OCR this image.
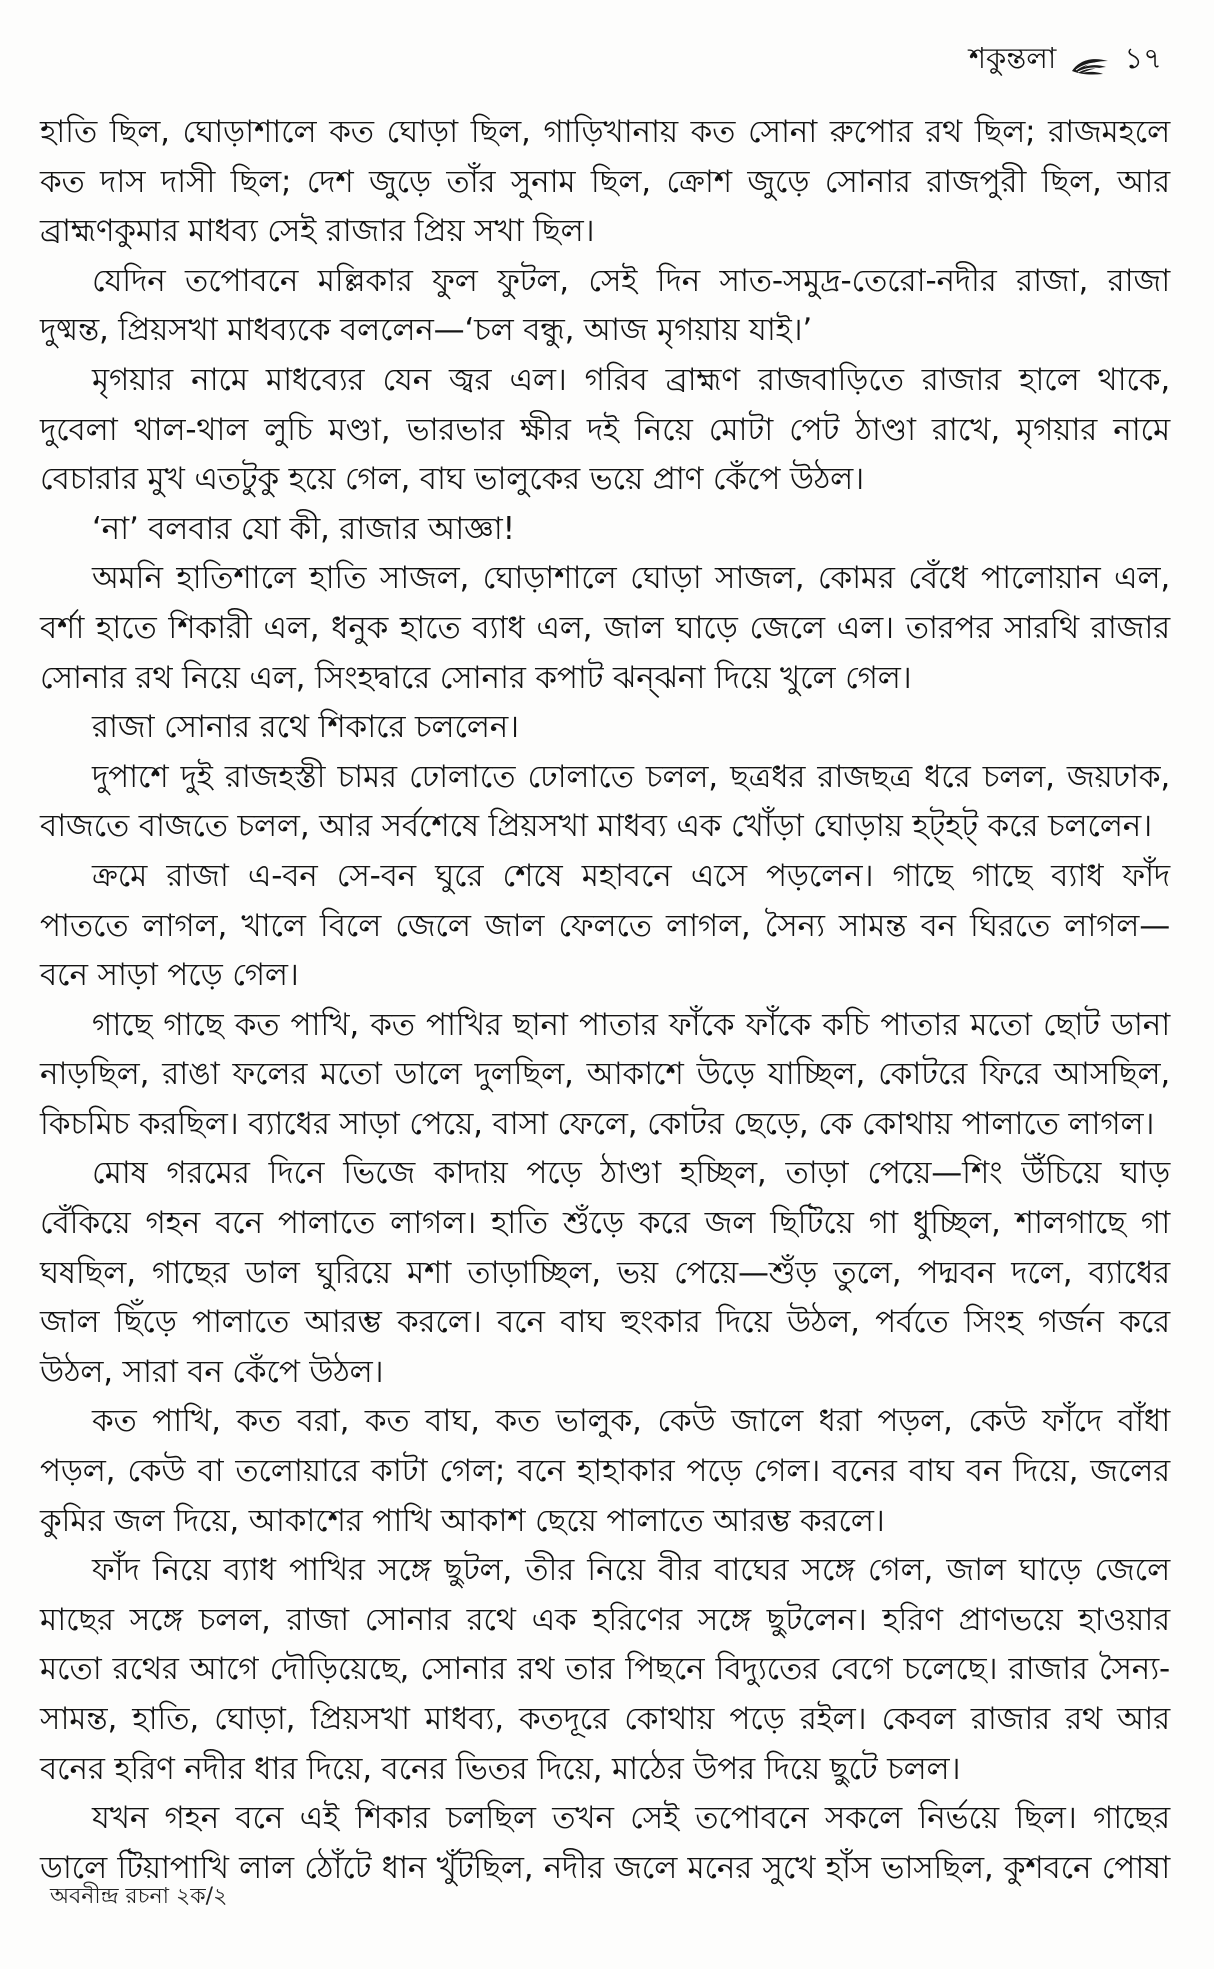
শকুন্তলা ১৭
হাতি ছিল, ঘোড়াশালে কত ঘোড়া ছিল, গাড়িখানায় কত সোনা রুপোর রথ ছিল; রাজমহলে
কত দাস দাসী ছিল; দেশ জুড়ে তাঁর সুনাম ছিল, ক্রোশ জুড়ে সোনার রাজপুরী ছিল, আর
ব্রাহ্মণকুমার মাধব্য সেই রাজার প্রিয় সখা ছিল।
যেদিন তপোবনে মল্লিকার ফুল ফুটল, সেই দিন সাত-সমুদ্র-তেরো-নদীর রাজা, রাজা
দুষ্মন্ত, প্রিয়সখা মাধব্যকে বললেন—‘চল বন্ধু, আজ মৃগয়ায় যাই।’
মৃগয়ার নামে মাধব্যের যেন জ্বর এল। গরিব ব্রাহ্মণ রাজবাড়িতে রাজার হালে থাকে,
দুবেলা থাল-থাল লুচি মণ্ডা, ভারভার ক্ষীর দই নিয়ে মোটা পেট ঠাণ্ডা রাখে, মৃগয়ার নামে
বেচারার মুখ এতটুকু হয়ে গেল, বাঘ ভালুকের ভয়ে প্রাণ কেঁপে উঠল।
‘না’ বলবার যো কী, রাজার আজ্ঞা!
অমনি হাতিশালে হাতি সাজল, ঘোড়াশালে ঘোড়া সাজল, কোমর বেঁধে পালোয়ান এল,
বর্শা হাতে শিকারী এল, ধনুক হাতে ব্যাধ এল, জাল ঘাড়ে জেলে এল। তারপর সারথি রাজার
সোনার রথ নিয়ে এল, সিংহদ্বারে সোনার কপাট ঝন্‌ঝনা দিয়ে খুলে গেল।
রাজা সোনার রথে শিকারে চললেন।
দুপাশে দুই রাজহস্তী চামর ঢোলাতে ঢোলাতে চলল, ছত্রধর রাজছত্র ধরে চলল, জয়ঢাক,
বাজতে বাজতে চলল, আর সর্বশেষে প্রিয়সখা মাধব্য এক খোঁড়া ঘোড়ায় হট্‌হট্‌ করে চললেন।
ক্রমে রাজা এ-বন সে-বন ঘুরে শেষে মহাবনে এসে পড়লেন। গাছে গাছে ব্যাধ ফাঁদ
পাততে লাগল, খালে বিলে জেলে জাল ফেলতে লাগল, সৈন্য সামন্ত বন ঘিরতে লাগল—
বনে সাড়া পড়ে গেল।
গাছে গাছে কত পাখি, কত পাখির ছানা পাতার ফাঁকে ফাঁকে কচি পাতার মতো ছোট ডানা
নাড়ছিল, রাঙা ফলের মতো ডালে দুলছিল, আকাশে উড়ে যাচ্ছিল, কোটরে ফিরে আসছিল,
কিচমিচ করছিল। ব্যাধের সাড়া পেয়ে, বাসা ফেলে, কোটর ছেড়ে, কে কোথায় পালাতে লাগল।
মোষ গরমের দিনে ভিজে কাদায় পড়ে ঠাণ্ডা হচ্ছিল, তাড়া পেয়ে—শিং উঁচিয়ে ঘাড়
বেঁকিয়ে গহন বনে পালাতে লাগল। হাতি শুঁড়ে করে জল ছিটিয়ে গা ধুচ্ছিল, শালগাছে গা
ঘষছিল, গাছের ডাল ঘুরিয়ে মশা তাড়াচ্ছিল, ভয় পেয়ে—শুঁড় তুলে, পদ্মবন দলে, ব্যাধের
জাল ছিঁড়ে পালাতে আরম্ভ করলে। বনে বাঘ হুংকার দিয়ে উঠল, পর্বতে সিংহ গর্জন করে
উঠল, সারা বন কেঁপে উঠল।
কত পাখি, কত বরা, কত বাঘ, কত ভালুক, কেউ জালে ধরা পড়ল, কেউ ফাঁদে বাঁধা
পড়ল, কেউ বা তলোয়ারে কাটা গেল; বনে হাহাকার পড়ে গেল। বনের বাঘ বন দিয়ে, জলের
কুমির জল দিয়ে, আকাশের পাখি আকাশ ছেয়ে পালাতে আরম্ভ করলে।
ফাঁদ নিয়ে ব্যাধ পাখির সঙ্গে ছুটল, তীর নিয়ে বীর বাঘের সঙ্গে গেল, জাল ঘাড়ে জেলে
মাছের সঙ্গে চলল, রাজা সোনার রথে এক হরিণের সঙ্গে ছুটলেন। হরিণ প্রাণভয়ে হাওয়ার
মতো রথের আগে দৌড়িয়েছে, সোনার রথ তার পিছনে বিদ্যুতের বেগে চলেছে। রাজার সৈন্য-
সামন্ত, হাতি, ঘোড়া, প্রিয়সখা মাধব্য, কতদূরে কোথায় পড়ে রইল। কেবল রাজার রথ আর
বনের হরিণ নদীর ধার দিয়ে, বনের ভিতর দিয়ে, মাঠের উপর দিয়ে ছুটে চলল।
যখন গহন বনে এই শিকার চলছিল তখন সেই তপোবনে সকলে নির্ভয়ে ছিল। গাছের
ডালে টিয়াপাখি লাল ঠোঁটে ধান খুঁটছিল, নদীর জলে মনের সুখে হাঁস ভাসছিল, কুশবনে পোষা
অবনীন্দ্র রচনা ২ক/২
